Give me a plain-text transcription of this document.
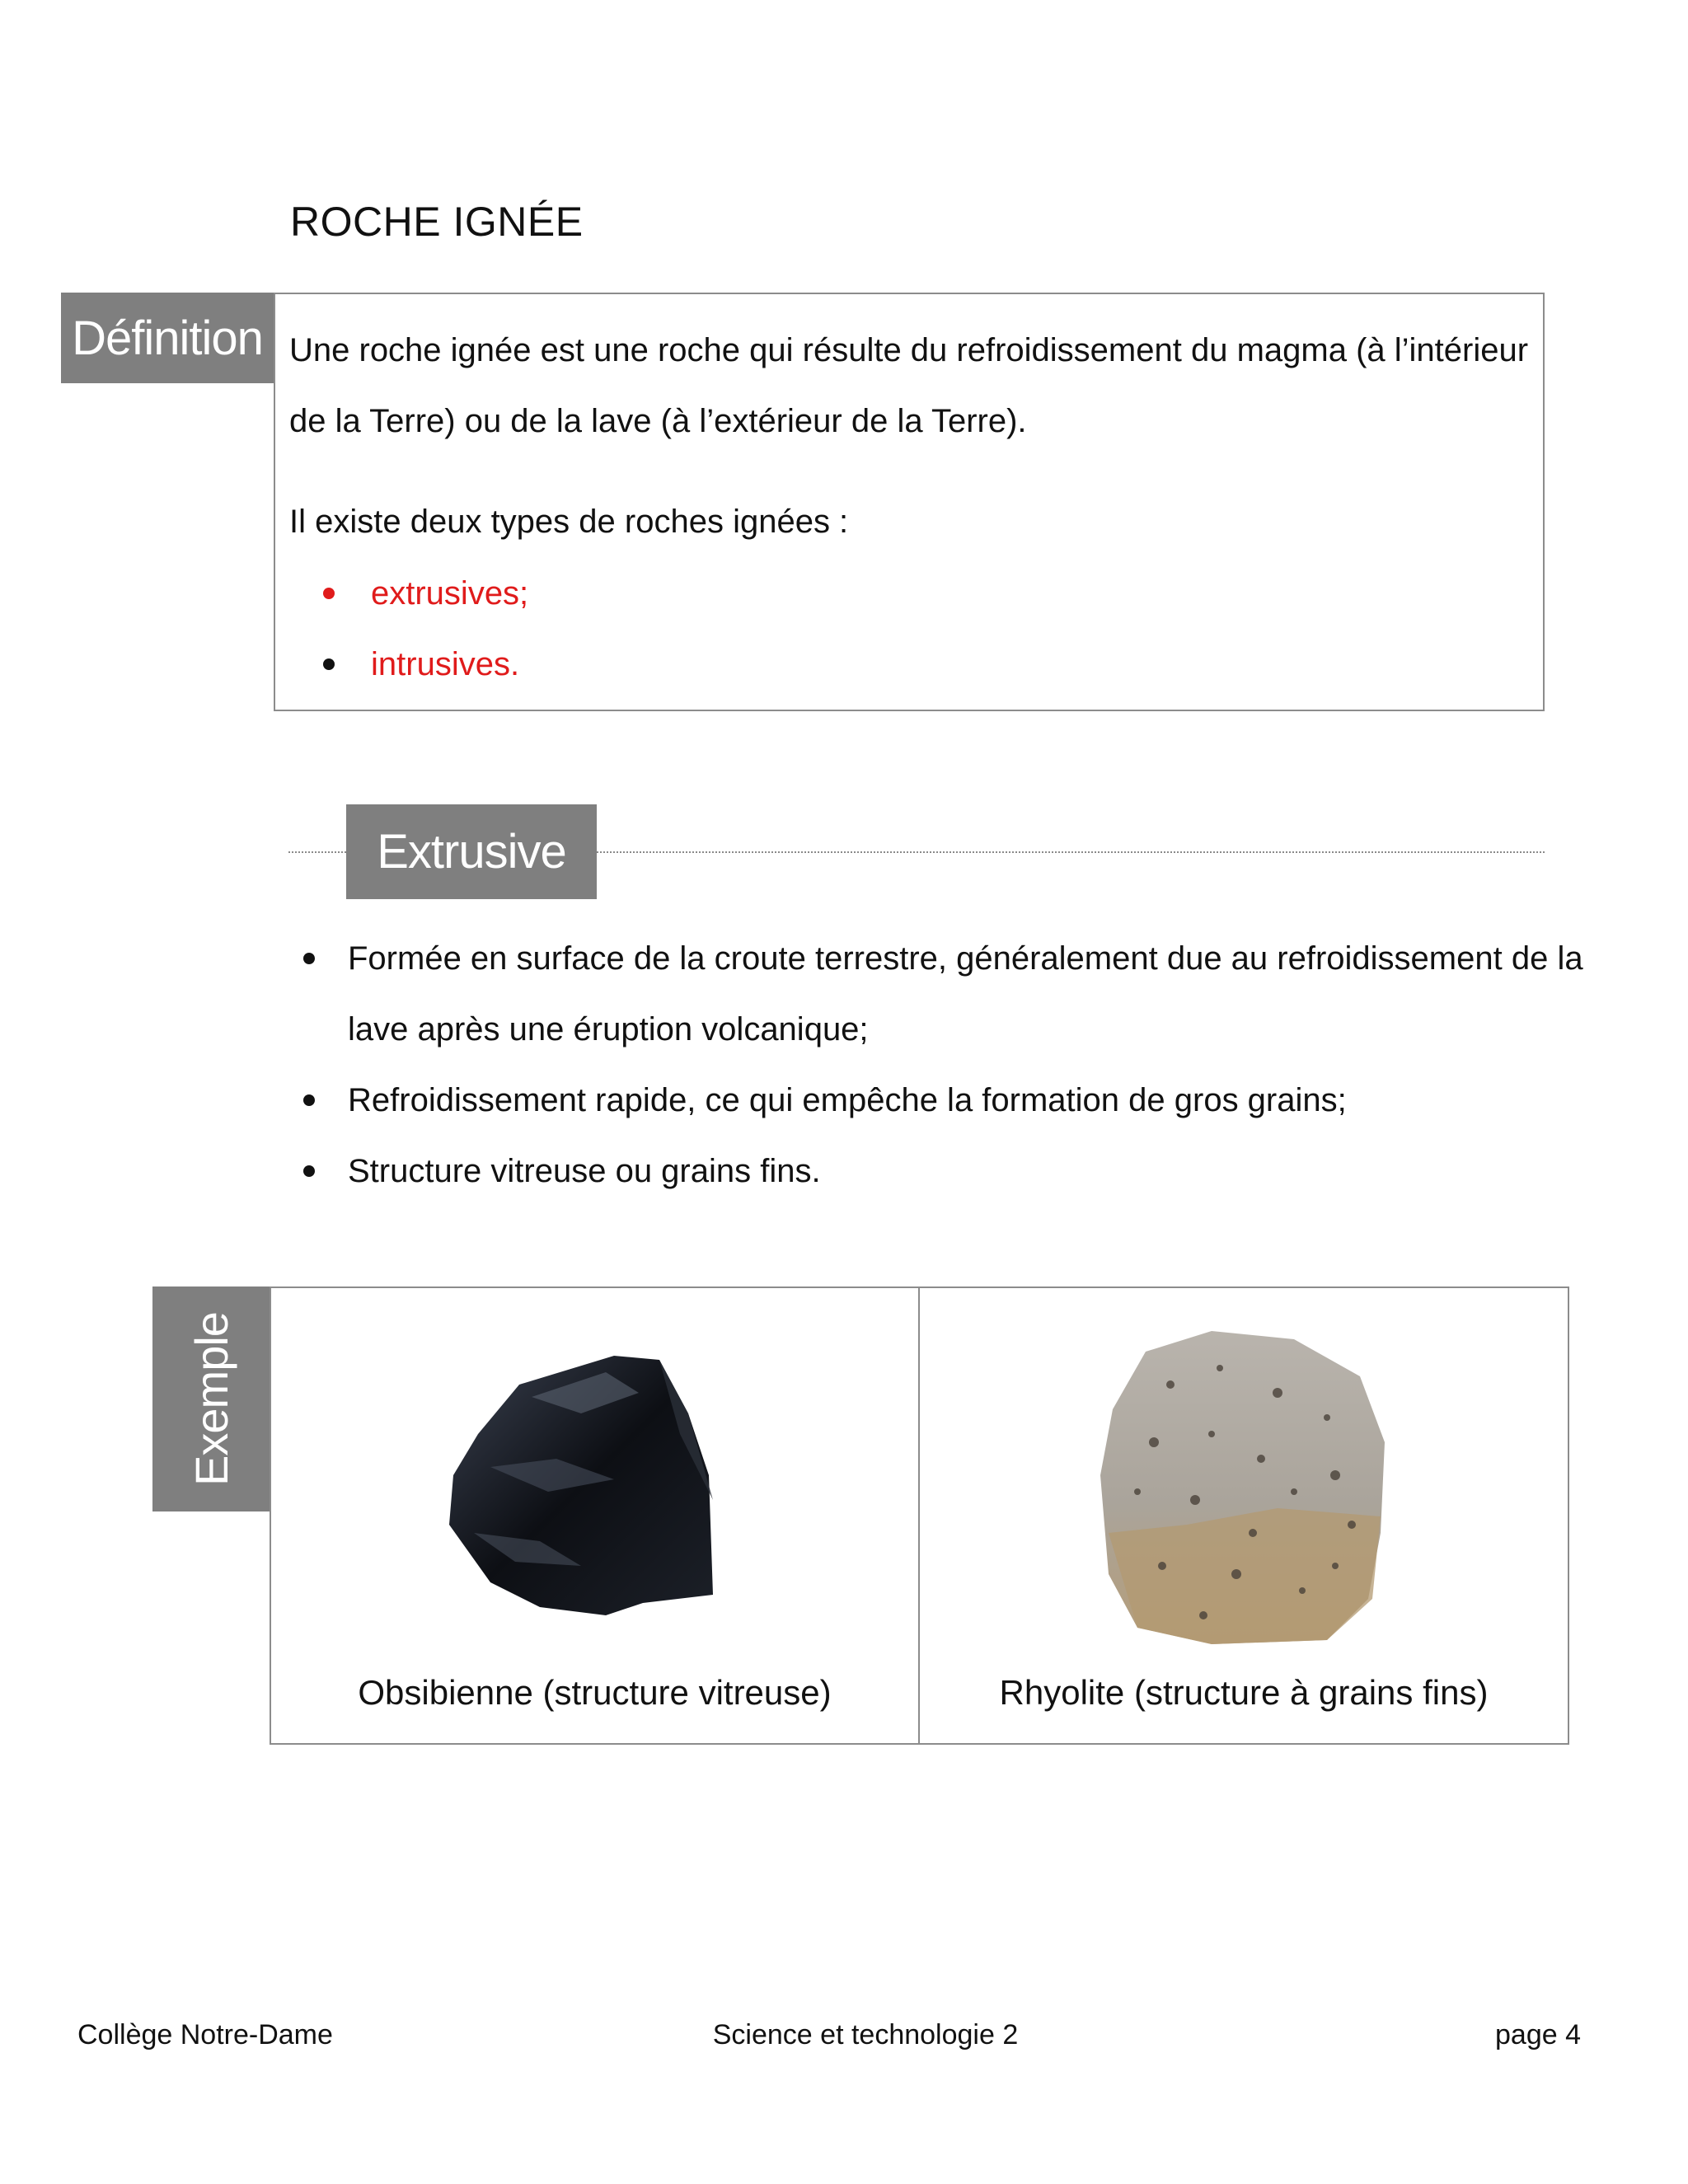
ROCHE IGNÉE
Définition Une roche ignée est une roche qui résulte du refroidissement du magma (à l’intérieur de la Terre) ou de la lave (à l’extérieur de la Terre).
Il existe deux types de roches ignées :
extrusives;
intrusives.
Extrusive
Formée en surface de la croute terrestre, généralement due au refroidissement de la lave après une éruption volcanique;
Refroidissement rapide, ce qui empêche la formation de gros grains;
Structure vitreuse ou grains fins.
Exemple
Obsibienne (structure vitreuse)	Rhyolite (structure à grains fins)
Collège Notre-Dame	Science et technologie 2	page 4
